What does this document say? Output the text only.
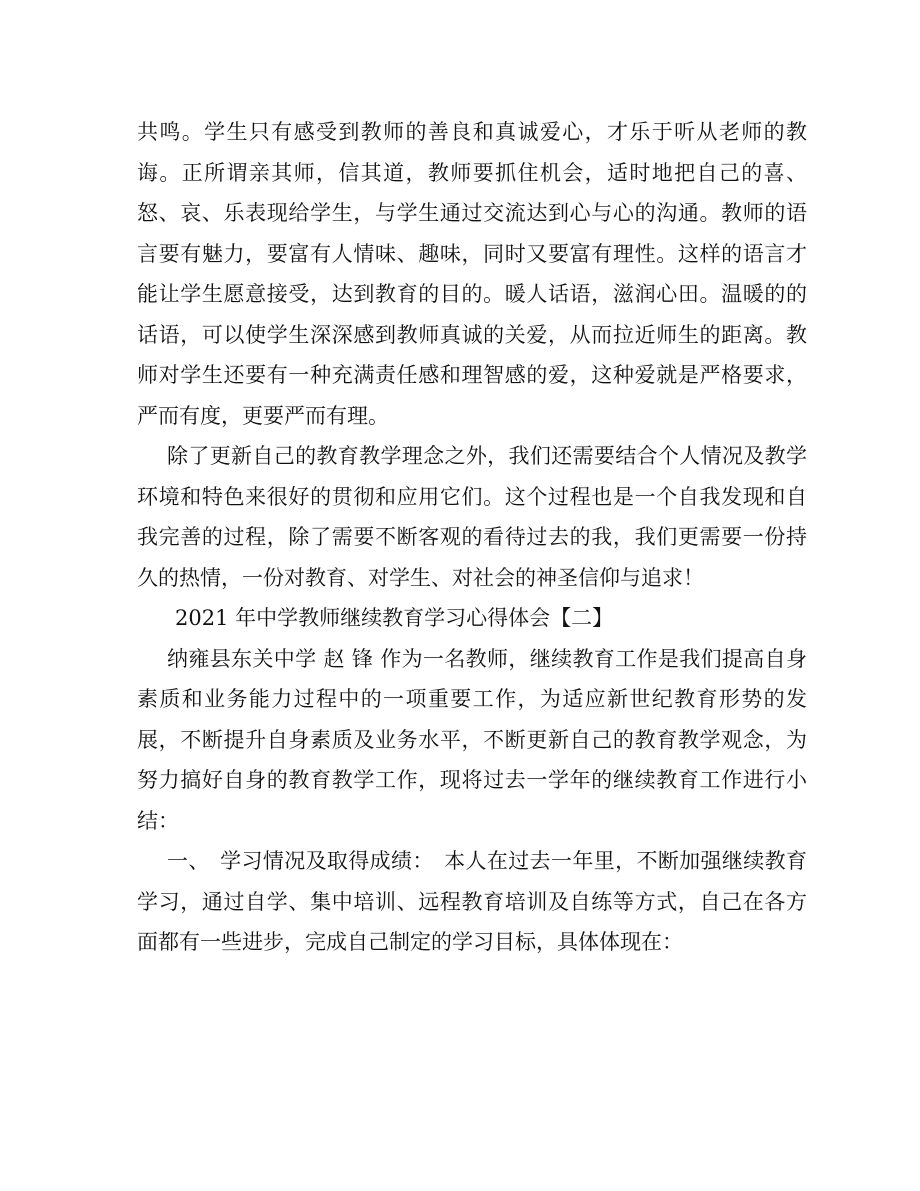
共鸣。学生只有感受到教师的善良和真诚爱心，才乐于听从老师的教诲。正所谓亲其师，信其道，教师要抓住机会，适时地把自己的喜、怒、哀、乐表现给学生，与学生通过交流达到心与心的沟通。教师的语言要有魅力，要富有人情味、趣味，同时又要富有理性。这样的语言才能让学生愿意接受，达到教育的目的。暖人话语，滋润心田。温暖的的话语，可以使学生深深感到教师真诚的关爱，从而拉近师生的距离。教师对学生还要有一种充满责任感和理智感的爱，这种爱就是严格要求，严而有度，更要严而有理。

除了更新自己的教育教学理念之外，我们还需要结合个人情况及教学环境和特色来很好的贯彻和应用它们。这个过程也是一个自我发现和自我完善的过程，除了需要不断客观的看待过去的我，我们更需要一份持久的热情，一份对教育、对学生、对社会的神圣信仰与追求！

2021 年中学教师继续教育学习心得体会【二】

纳雍县东关中学 赵 锋 作为一名教师，继续教育工作是我们提高自身素质和业务能力过程中的一项重要工作，为适应新世纪教育形势的发展，不断提升自身素质及业务水平，不断更新自己的教育教学观念，为努力搞好自身的教育教学工作，现将过去一学年的继续教育工作进行小结：

一、 学习情况及取得成绩： 本人在过去一年里，不断加强继续教育学习，通过自学、集中培训、远程教育培训及自练等方式，自己在各方面都有一些进步，完成自己制定的学习目标，具体体现在：
